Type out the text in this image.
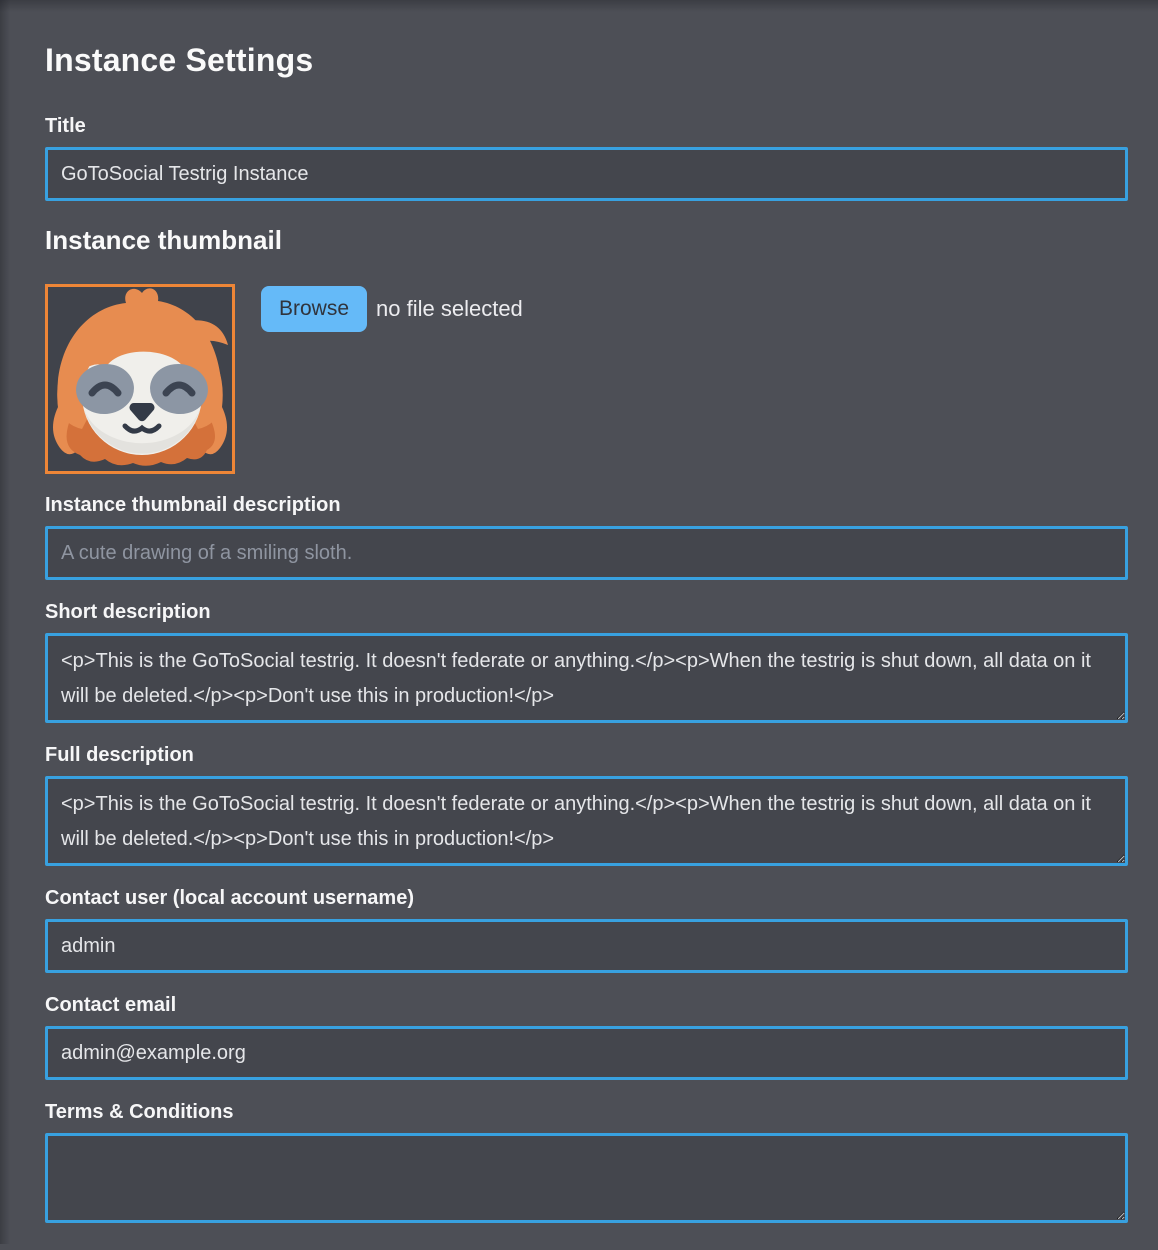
Instance Settings
Title
GoToSocial Testrig Instance
Instance thumbnail
Browse	no file selected
Instance thumbnail description
A cute drawing of a smiling sloth.
Short description
<p>This is the GoToSocial testrig. It doesn't federate or anything.</p><p>When the testrig is shut down, all data on it will be deleted.</p><p>Don't use this in production!</p>
Full description
<p>This is the GoToSocial testrig. It doesn't federate or anything.</p><p>When the testrig is shut down, all data on it will be deleted.</p><p>Don't use this in production!</p>
Contact user (local account username)
admin
Contact email
admin@example.org
Terms & Conditions
